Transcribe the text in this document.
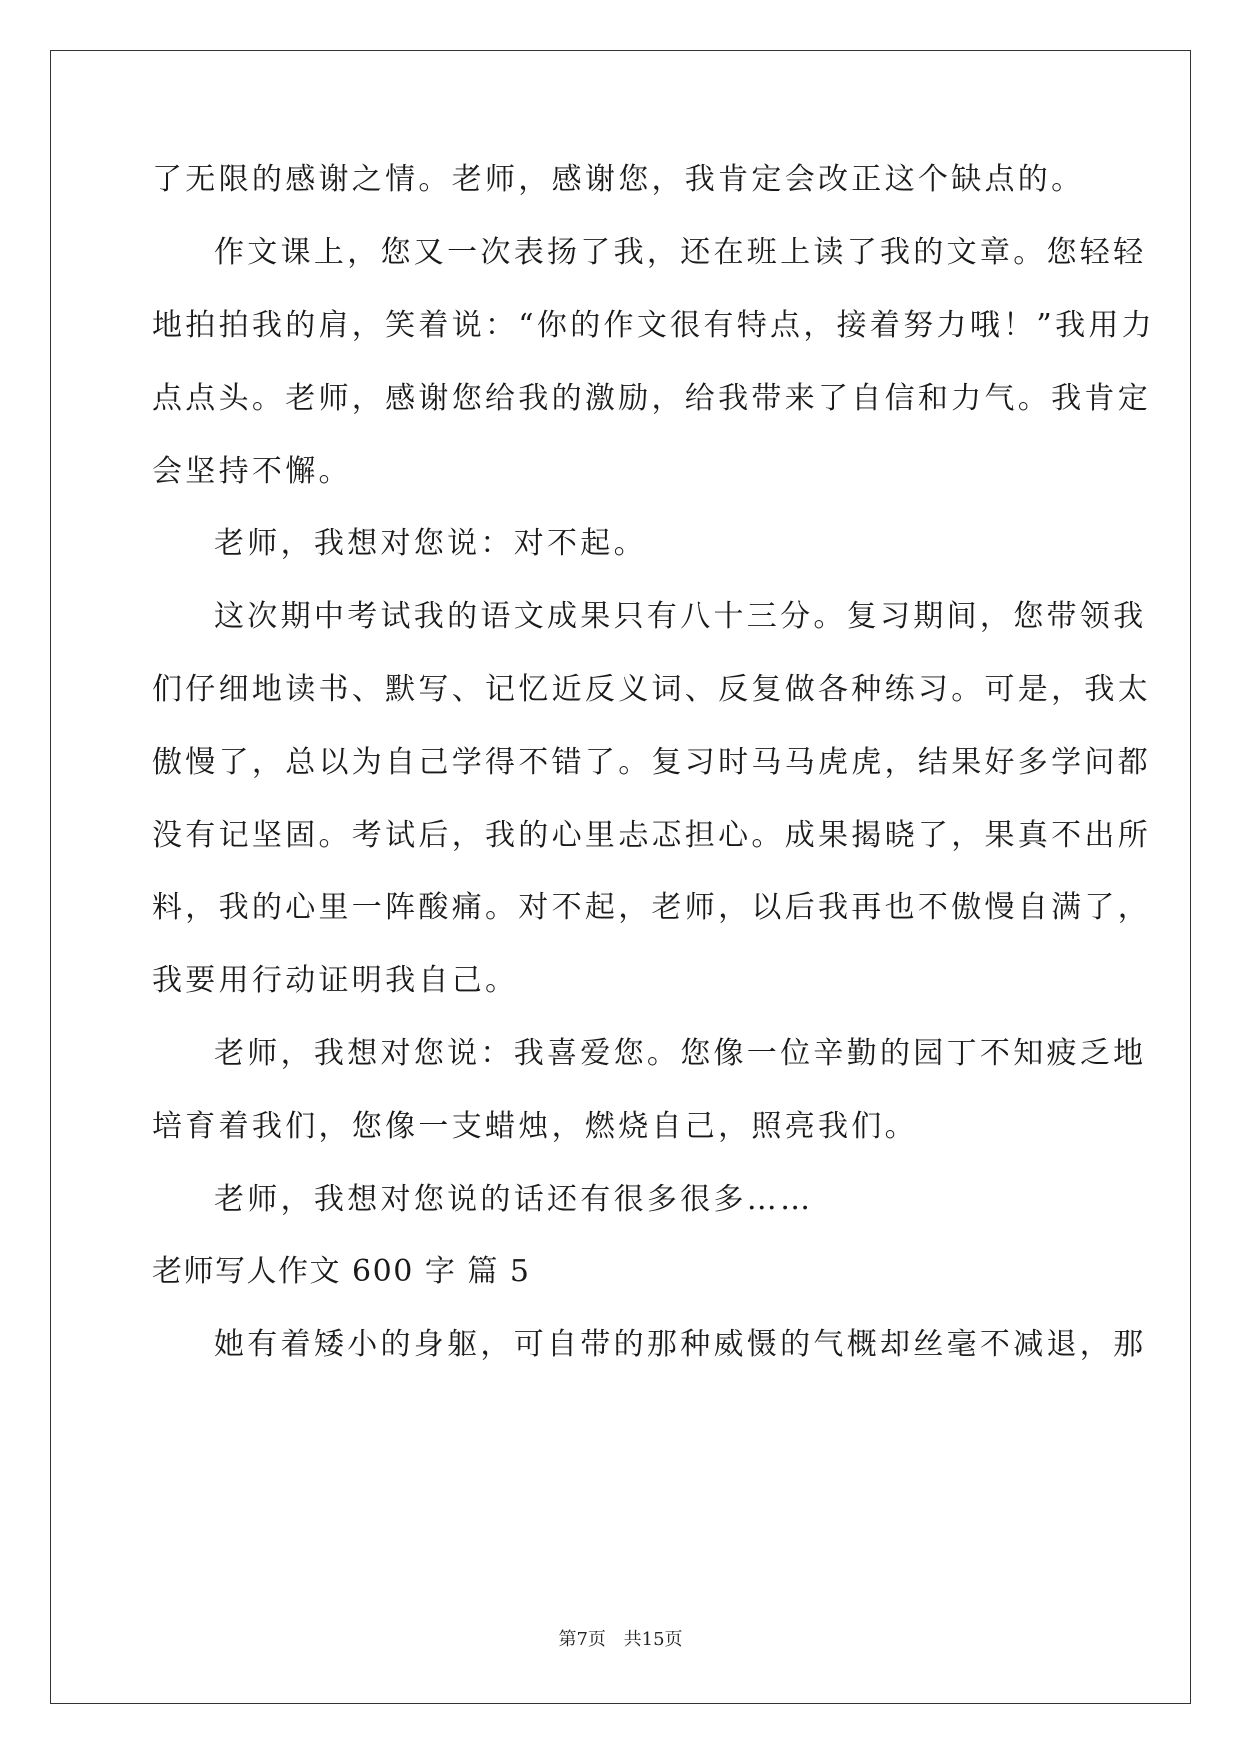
了无限的感谢之情。老师，感谢您，我肯定会改正这个缺点的。
作文课上，您又一次表扬了我，还在班上读了我的文章。您轻轻
地拍拍我的肩，笑着说：“你的作文很有特点，接着努力哦！”我用力
点点头。老师，感谢您给我的激励，给我带来了自信和力气。我肯定
会坚持不懈。
老师，我想对您说：对不起。
这次期中考试我的语文成果只有八十三分。复习期间，您带领我
们仔细地读书、默写、记忆近反义词、反复做各种练习。可是，我太
傲慢了，总以为自己学得不错了。复习时马马虎虎，结果好多学问都
没有记坚固。考试后，我的心里忐忑担心。成果揭晓了，果真不出所
料，我的心里一阵酸痛。对不起，老师，以后我再也不傲慢自满了，
我要用行动证明我自己。
老师，我想对您说：我喜爱您。您像一位辛勤的园丁不知疲乏地
培育着我们，您像一支蜡烛，燃烧自己，照亮我们。
老师，我想对您说的话还有很多很多……
老师写人作文 600 字 篇 5
她有着矮小的身躯，可自带的那种威慑的气概却丝毫不减退，那
第7页 共15页
